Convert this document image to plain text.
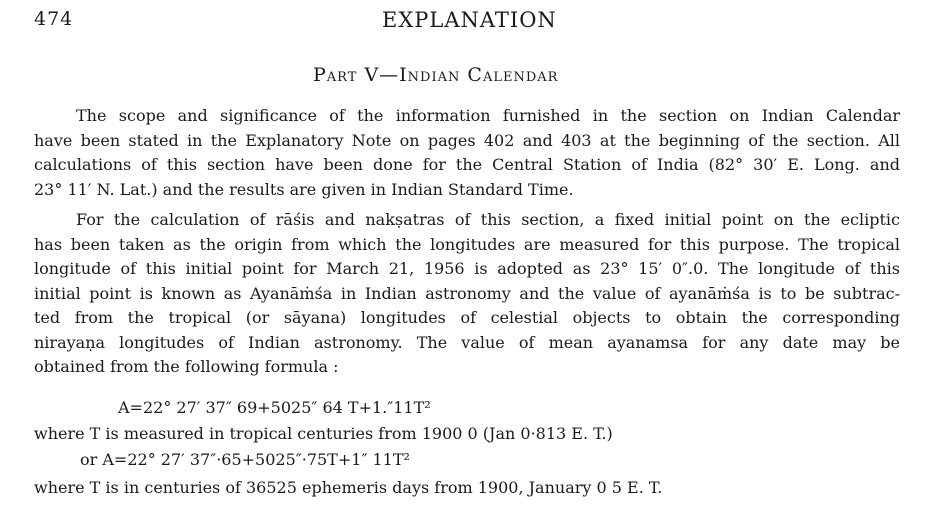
474	EXPLANATION
Part V—Indian Calendar
The scope and significance of the information furnished in the section on Indian Calendar
have been stated in the Explanatory Note on pages 402 and 403 at the beginning of the section. All
calculations of this section have been done for the Central Station of India (82° 30′ E. Long. and
23° 11′ N. Lat.) and the results are given in Indian Standard Time.
For the calculation of rāśis and nakṣatras of this section, a fixed initial point on the ecliptic
has been taken as the origin from which the longitudes are measured for this purpose. The tropical
longitude of this initial point for March 21, 1956 is adopted as 23° 15′ 0″.0. The longitude of this
initial point is known as Ayanāṁśa in Indian astronomy and the value of ayanāṁśa is to be subtrac-
ted from the tropical (or sāyana) longitudes of celestial objects to obtain the corresponding
nirayaṇa longitudes of Indian astronomy. The value of mean ayanamsa for any date may be
obtained from the following formula :
A=22° 27′ 37″ 69+5025″ 64 T+1.″11T²
where T is measured in tropical centuries from 1900 0 (Jan 0·813 E. T.)
or A=22° 27′ 37″·65+5025″·75T+1″ 11T²
where T is in centuries of 36525 ephemeris days from 1900, January 0 5 E. T.
